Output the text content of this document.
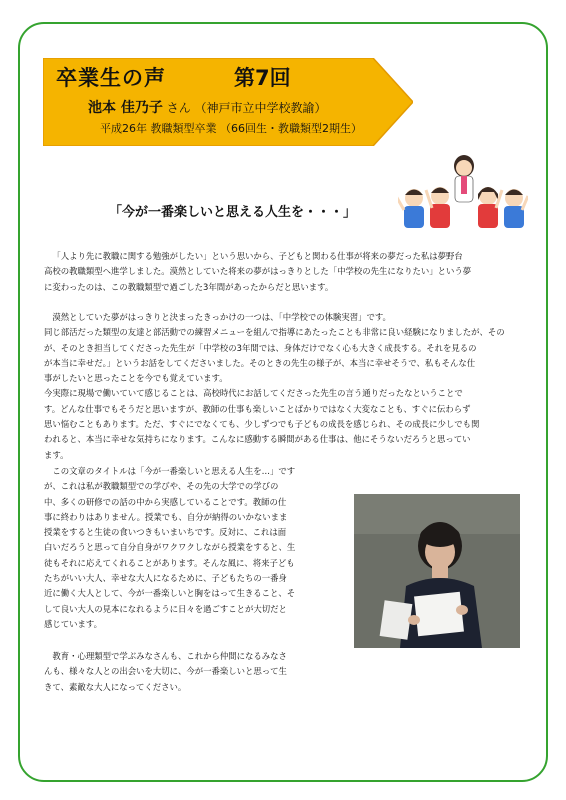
卒業生の声	第7回
池本 佳乃子 さん （神戸市立中学校教諭）
平成26年 教職類型卒業 （66回生・教職類型2期生）
「今が一番楽しいと思える人生を・・・」
「人より先に教職に関する勉強がしたい」という思いから、子どもと関わる仕事が将来の夢だった私は夢野台
高校の教職類型へ進学しました。漠然としていた将来の夢がはっきりとした「中学校の先生になりたい」という夢
に変わったのは、この教職類型で過ごした3年間があったからだと思います。
漠然としていた夢がはっきりと決まったきっかけの一つは、「中学校での体験実習」です。
同じ部活だった類型の友達と部活動での練習メニューを組んで指導にあたったことも非常に良い経験になりましたが、その
が、そのとき担当してくださった先生が「中学校の3年間では、身体だけでなく心も大きく成長する。それを見るの
が本当に幸せだ。」というお話をしてくださいました。そのときの先生の様子が、本当に幸せそうで、私もそんな仕
事がしたいと思ったことを今でも覚えています。
今実際に現場で働いていて感じることは、高校時代にお話してくださった先生の言う通りだったなということで
す。どんな仕事でもそうだと思いますが、教師の仕事も楽しいことばかりではなく大変なことも、すぐに伝わらず
思い悩むこともあります。ただ、すぐにでなくても、少しずつでも子どもの成長を感じられ、その成長に少しでも関
われると、本当に幸せな気持ちになります。こんなに感動する瞬間がある仕事は、他にそうないだろうと思ってい
ます。
この文章のタイトルは「今が一番楽しいと思える人生を…」です
が、これは私が教職類型での学びや、その先の大学での学びの
中、多くの研修での話の中から実感していることです。教師の仕
事に終わりはありません。授業でも、自分が納得のいかないまま
授業をすると生徒の食いつきもいまいちです。反対に、これは面
白いだろうと思って自分自身がワクワクしながら授業をすると、生
徒もそれに応えてくれることがあります。そんな風に、将来子ども
たちがいい大人、幸せな大人になるために、子どもたちの一番身
近に働く大人として、今が一番楽しいと胸をはって生きること、そ
して良い大人の見本になれるように日々を過ごすことが大切だと
感じています。
教育・心理類型で学ぶみなさんも、これから仲間になるみなさ
んも、様々な人との出会いを大切に、今が一番楽しいと思って生
きて、素敵な大人になってください。
